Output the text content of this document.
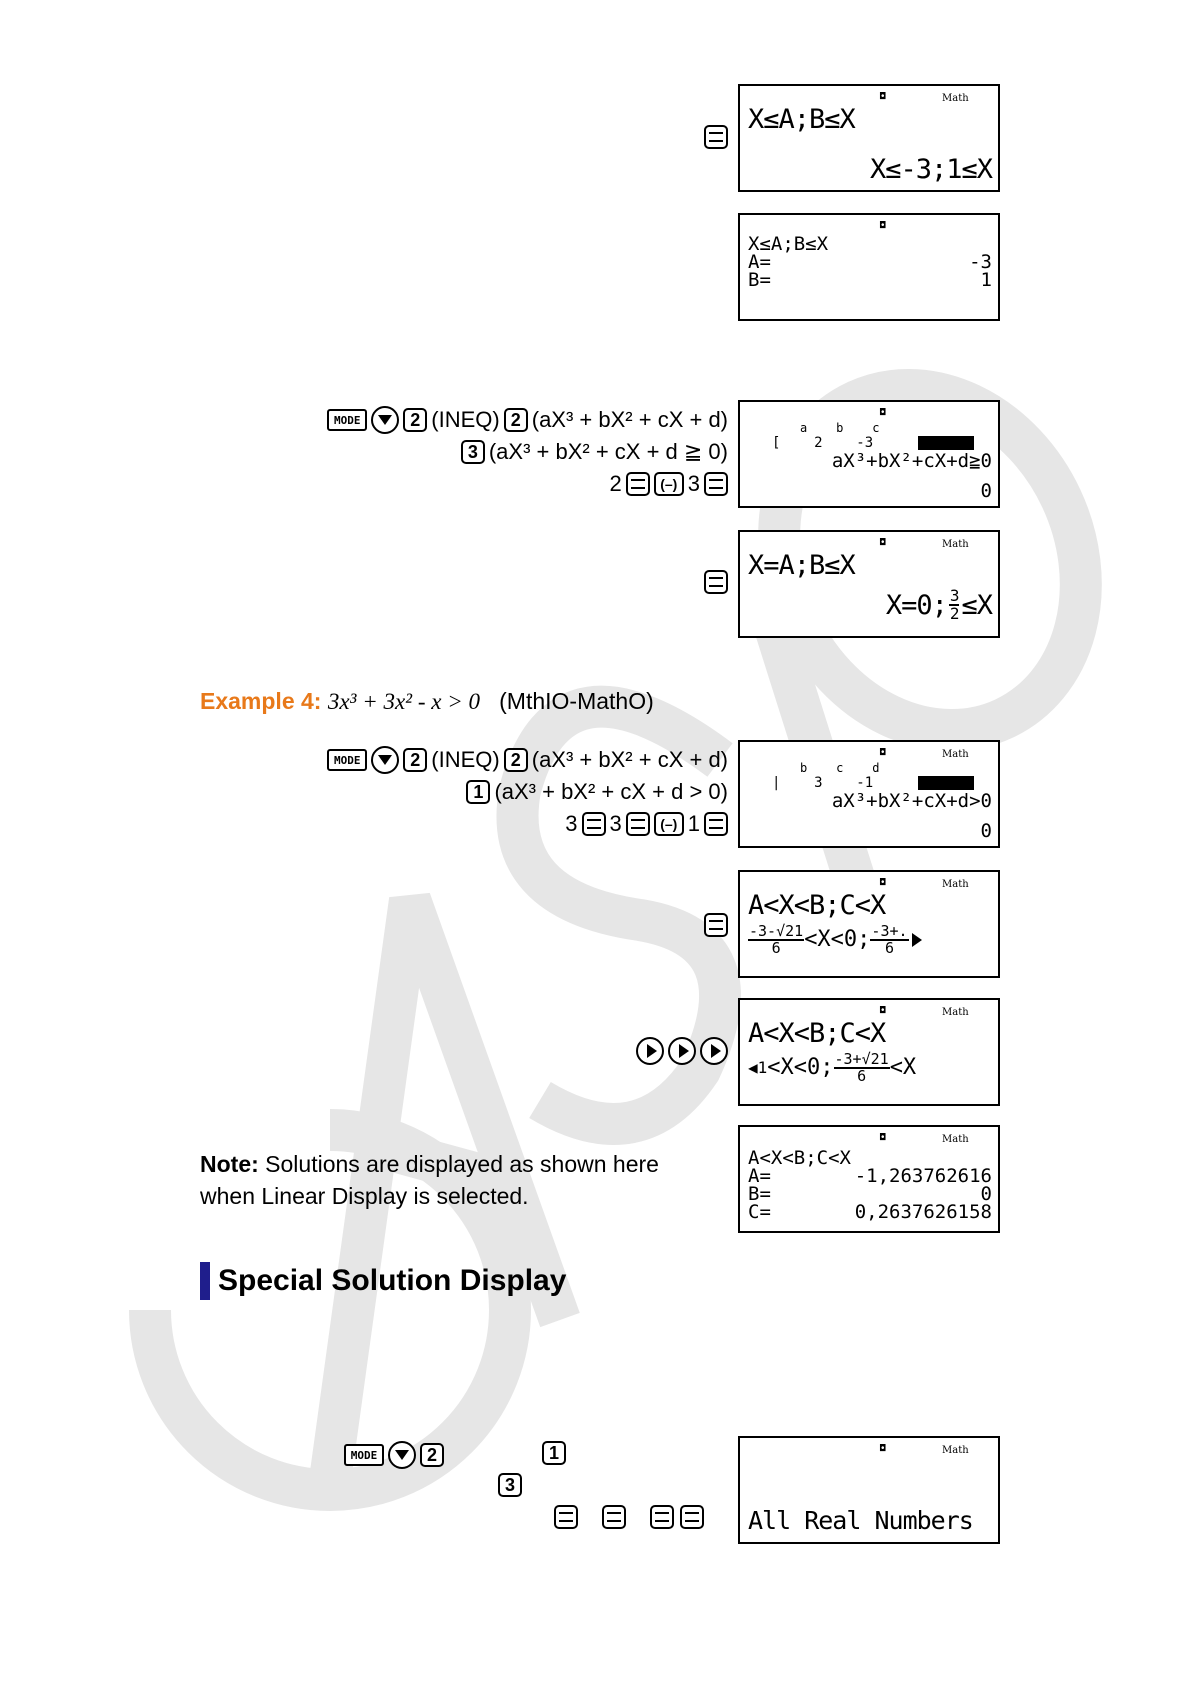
◘	Math
X≤A;B≤X
X≤-3;1≤X
◘
X≤A;B≤X
A=	-3
B=	1
MODE	2 (INEQ) 2 (aX³ + bX² + cX + d)
3 (aX³ + bX² + cX + d ≧ 0)
2	(–) 3
◘
a    b    c
[    2    -3
aX³+bX²+cX+d≧0
0
◘	Math
X=A;B≤X
X=0; $\frac{3}{2} \le X$
Example 4: 3x³ + 3x² - x > 0 (MthIO-MathO)
MODE	2 (INEQ) 2 (aX³ + bX² + cX + d)
1 (aX³ + bX² + cX + d > 0)
3 3	(–) 1
◘	Math
b    c    d
|    3    -1
aX³+bX²+cX+d>0
0
◘	Math
A<X<B;C<X
$\frac{-3-√21}{6} <X<0$; $\frac{-3+.}{6}$
◘	Math
A<X<B;C<X
◀1 <X<0; $\frac{-3+√21}{6} <X$
Note: Solutions are displayed as shown here when Linear Display is selected.
◘	Math
A<X<B;C<X
A=	-1,263762616
B=	0
C=	0,2637626158
Special Solution Display
MODE	2	1
3
◘	Math
All Real Numbers
